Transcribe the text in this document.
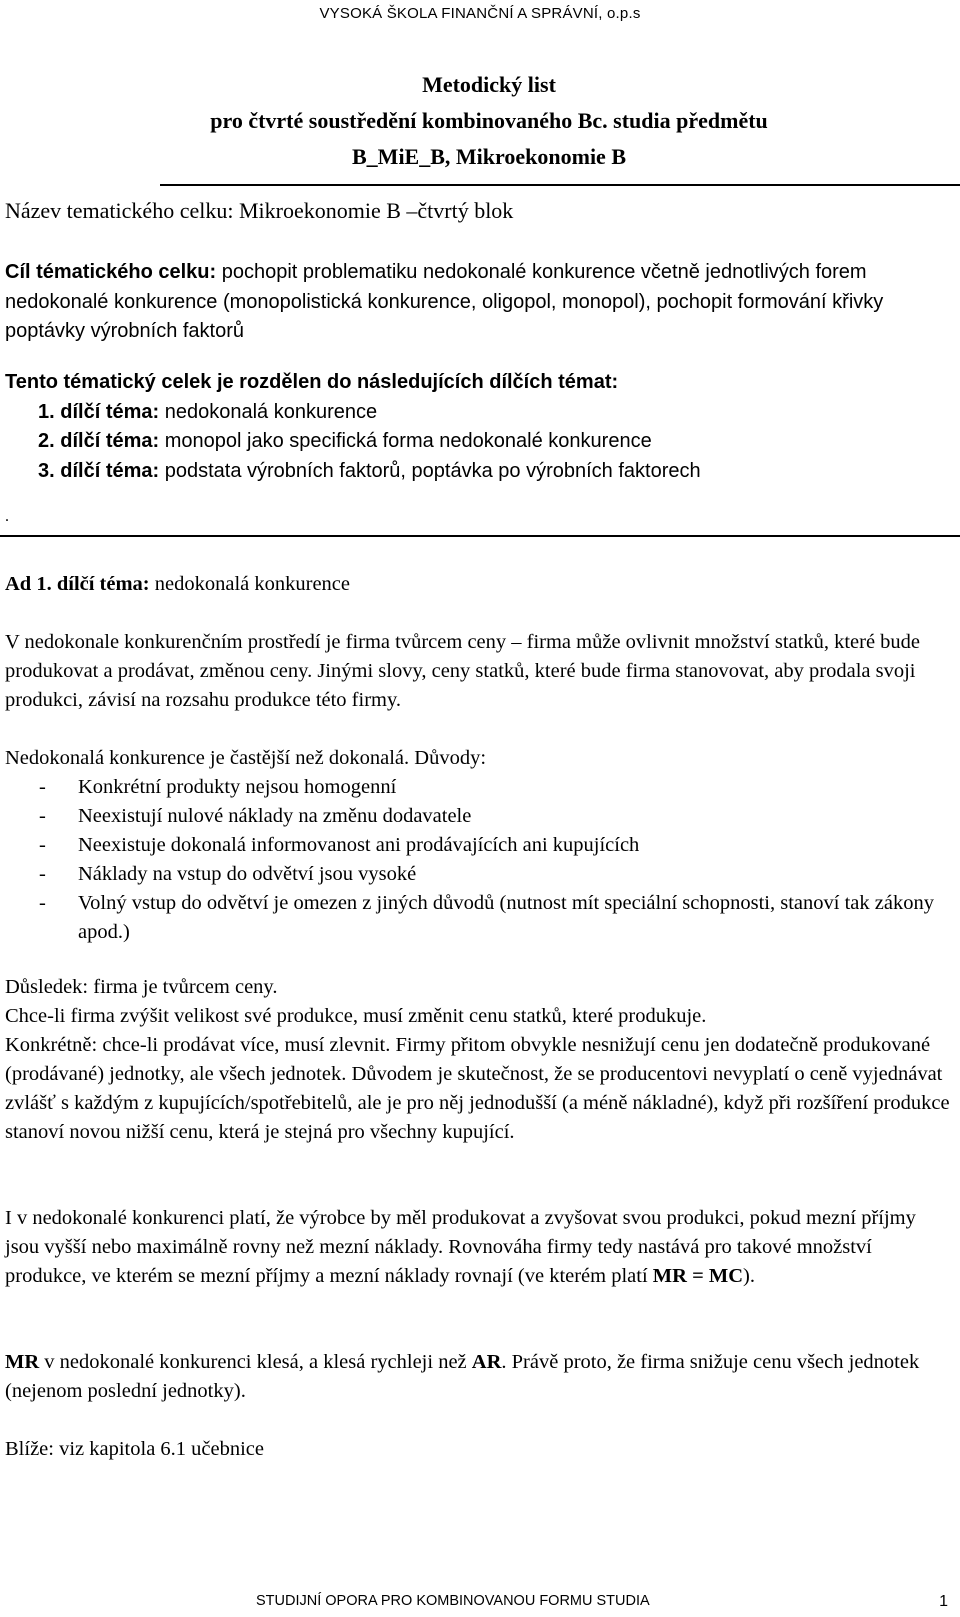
VYSOKÁ ŠKOLA FINANČNÍ A SPRÁVNÍ, o.p.s
Metodický list
pro čtvrté soustředění kombinovaného Bc. studia předmětu
B_MiE_B, Mikroekonomie B
Název tematického celku: Mikroekonomie B –čtvrtý blok
Cíl tématického celku: pochopit problematiku nedokonalé konkurence včetně jednotlivých forem nedokonalé konkurence (monopolistická konkurence, oligopol, monopol), pochopit formování křivky poptávky výrobních faktorů
Tento tématický celek je rozdělen do následujících dílčích témat:
1. dílčí téma: nedokonalá konkurence
2. dílčí téma: monopol jako specifická forma nedokonalé konkurence
3. dílčí téma: podstata výrobních faktorů, poptávka po výrobních faktorech
.
Ad 1. dílčí téma: nedokonalá konkurence
V nedokonale konkurenčním prostředí je firma tvůrcem ceny – firma může ovlivnit množství statků, které bude produkovat a prodávat, změnou ceny. Jinými slovy, ceny statků, které bude firma stanovovat, aby prodala svoji produkci, závisí na rozsahu produkce této firmy.
Nedokonalá konkurence je častější než dokonalá. Důvody:
- Konkrétní produkty nejsou homogenní
- Neexistují nulové náklady na změnu dodavatele
- Neexistuje dokonalá informovanost ani prodávajících ani kupujících
- Náklady na vstup do odvětví jsou vysoké
- Volný vstup do odvětví je omezen z jiných důvodů (nutnost mít speciální schopnosti, stanoví tak zákony apod.)
Důsledek: firma je tvůrcem ceny.
Chce-li firma zvýšit velikost své produkce, musí změnit cenu statků, které produkuje.
Konkrétně: chce-li prodávat více, musí zlevnit. Firmy přitom obvykle nesnižují cenu jen dodatečně produkované (prodávané) jednotky, ale všech jednotek. Důvodem je skutečnost, že se producentovi nevyplatí o ceně vyjednávat zvlášť s každým z kupujících/spotřebitelů, ale je pro něj jednodušší (a méně nákladné), když při rozšíření produkce stanoví novou nižší cenu, která je stejná pro všechny kupující.
I v nedokonalé konkurenci platí, že výrobce by měl produkovat a zvyšovat svou produkci, pokud mezní příjmy jsou vyšší nebo maximálně rovny než mezní náklady. Rovnováha firmy tedy nastává pro takové množství produkce, ve kterém se mezní příjmy a mezní náklady rovnají (ve kterém platí MR = MC).
MR v nedokonalé konkurenci klesá, a klesá rychleji než AR. Právě proto, že firma snižuje cenu všech jednotek (nejenom poslední jednotky).
Blíže: viz kapitola 6.1 učebnice
STUDIJNÍ OPORA PRO KOMBINOVANOU FORMU STUDIA	1
